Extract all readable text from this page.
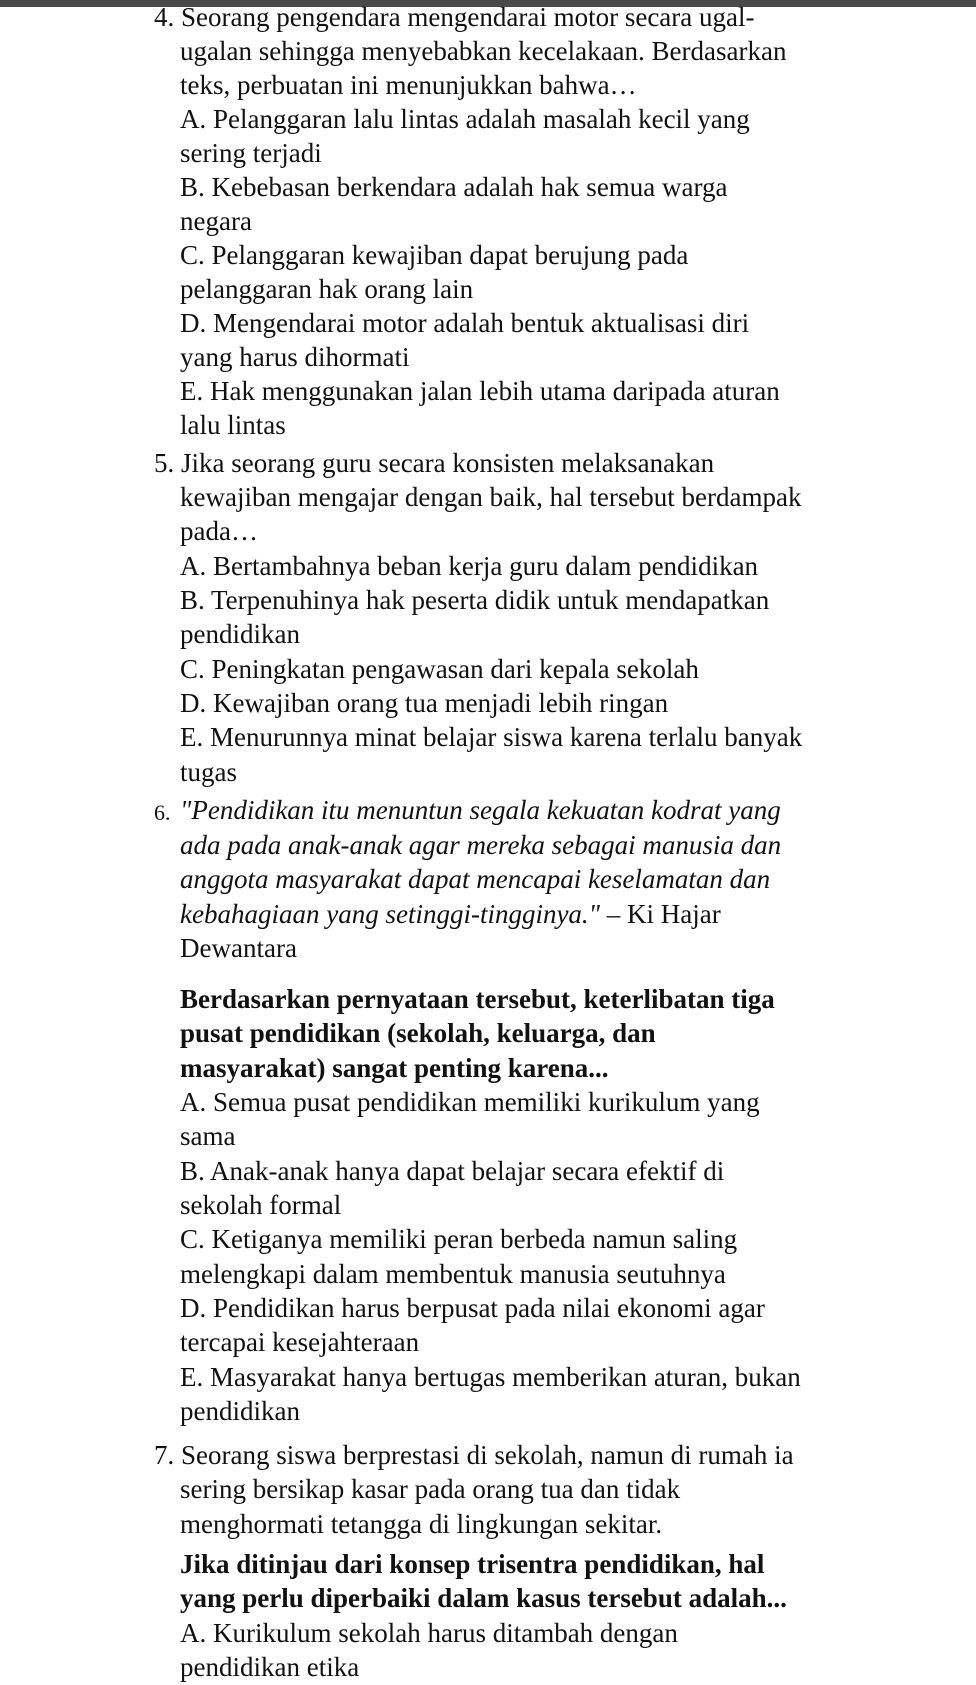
4. Seorang pengendara mengendarai motor secara ugal-
ugalan sehingga menyebabkan kecelakaan. Berdasarkan
teks, perbuatan ini menunjukkan bahwa…
A. Pelanggaran lalu lintas adalah masalah kecil yang
sering terjadi
B. Kebebasan berkendara adalah hak semua warga
negara
C. Pelanggaran kewajiban dapat berujung pada
pelanggaran hak orang lain
D. Mengendarai motor adalah bentuk aktualisasi diri
yang harus dihormati
E. Hak menggunakan jalan lebih utama daripada aturan
lalu lintas
5. Jika seorang guru secara konsisten melaksanakan
kewajiban mengajar dengan baik, hal tersebut berdampak
pada…
A. Bertambahnya beban kerja guru dalam pendidikan
B. Terpenuhinya hak peserta didik untuk mendapatkan
pendidikan
C. Peningkatan pengawasan dari kepala sekolah
D. Kewajiban orang tua menjadi lebih ringan
E. Menurunnya minat belajar siswa karena terlalu banyak
tugas
6. "Pendidikan itu menuntun segala kekuatan kodrat yang
ada pada anak-anak agar mereka sebagai manusia dan
anggota masyarakat dapat mencapai keselamatan dan
kebahagiaan yang setinggi-tingginya." – Ki Hajar
Dewantara
Berdasarkan pernyataan tersebut, keterlibatan tiga
pusat pendidikan (sekolah, keluarga, dan
masyarakat) sangat penting karena...
A. Semua pusat pendidikan memiliki kurikulum yang
sama
B. Anak-anak hanya dapat belajar secara efektif di
sekolah formal
C. Ketiganya memiliki peran berbeda namun saling
melengkapi dalam membentuk manusia seutuhnya
D. Pendidikan harus berpusat pada nilai ekonomi agar
tercapai kesejahteraan
E. Masyarakat hanya bertugas memberikan aturan, bukan
pendidikan
7. Seorang siswa berprestasi di sekolah, namun di rumah ia
sering bersikap kasar pada orang tua dan tidak
menghormati tetangga di lingkungan sekitar.
Jika ditinjau dari konsep trisentra pendidikan, hal
yang perlu diperbaiki dalam kasus tersebut adalah...
A. Kurikulum sekolah harus ditambah dengan
pendidikan etika
